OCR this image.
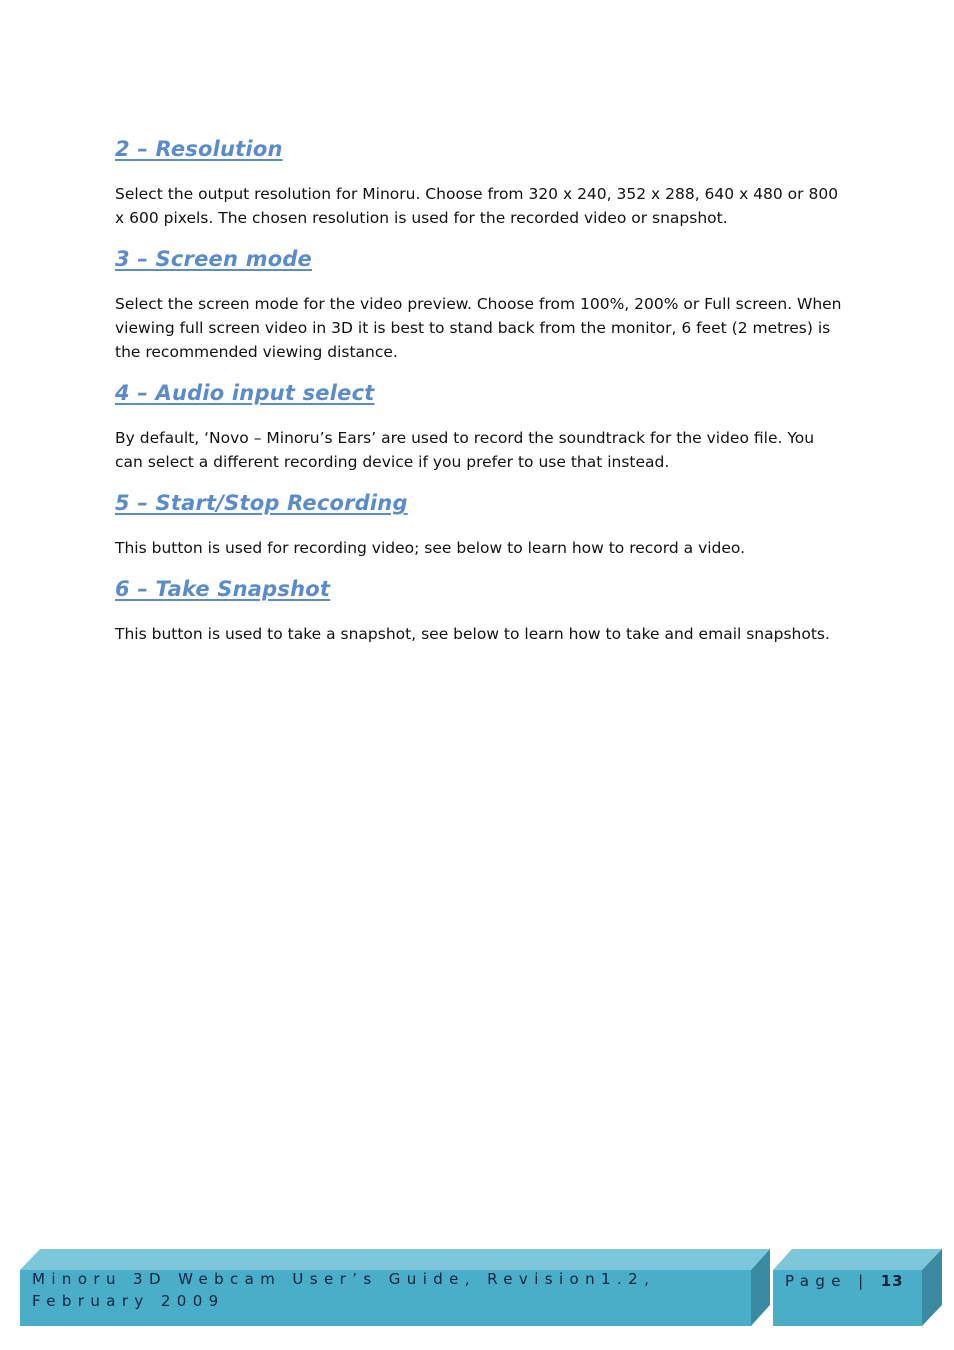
2 – Resolution
Select the output resolution for Minoru. Choose from 320 x 240, 352 x 288, 640 x 480 or 800 x 600 pixels. The chosen resolution is used for the recorded video or snapshot.
3 – Screen mode
Select the screen mode for the video preview. Choose from 100%, 200% or Full screen. When viewing full screen video in 3D it is best to stand back from the monitor, 6 feet (2 metres) is the recommended viewing distance.
4 – Audio input select
By default, ‘Novo – Minoru’s Ears’ are used to record the soundtrack for the video file. You can select a different recording device if you prefer to use that instead.
5 – Start/Stop Recording
This button is used for recording video; see below to learn how to record a video.
6 – Take Snapshot
This button is used to take a snapshot, see below to learn how to take and email snapshots.
Minoru 3D Webcam User’s Guide, Revision1.2, February 2009
Page | 13
